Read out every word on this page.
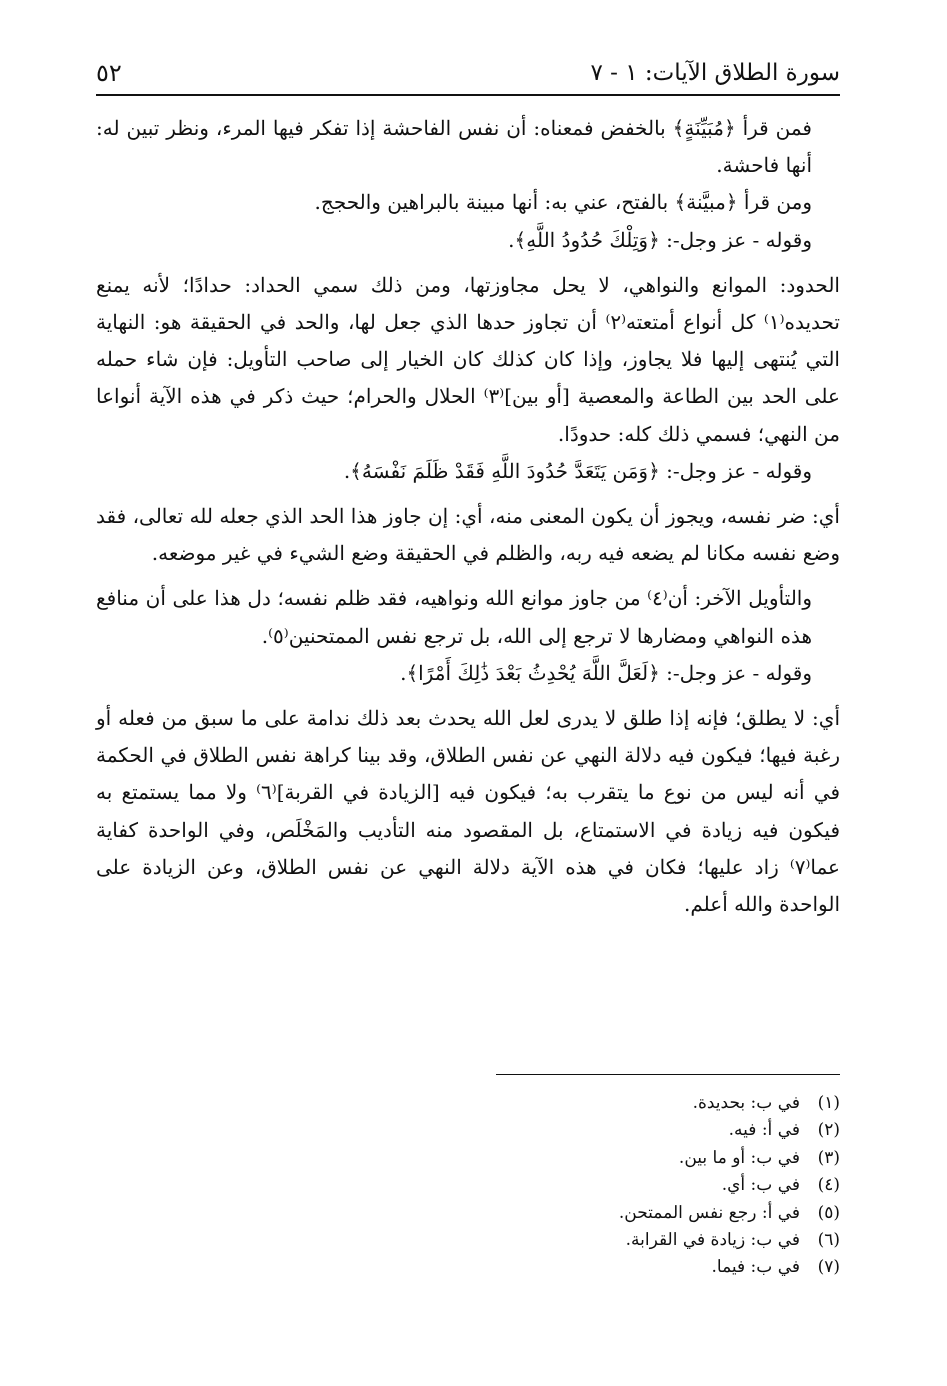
سورة الطلاق الآيات: ١ - ٧
٥٢

فمن قرأ ﴿مُبَيِّنَةٍ﴾ بالخفض فمعناه: أن نفس الفاحشة إذا تفكر فيها المرء، ونظر تبين له: أنها فاحشة.

ومن قرأ ﴿مبيَّنة﴾ بالفتح، عني به: أنها مبينة بالبراهين والحجج.

وقوله - عز وجل-: ﴿وَتِلْكَ حُدُودُ اللَّهِ﴾.

الحدود: الموانع والنواهي، لا يحل مجاوزتها، ومن ذلك سمي الحداد: حدادًا؛ لأنه يمنع تحديده⁽١⁾ كل أنواع أمتعته⁽٢⁾ أن تجاوز حدها الذي جعل لها، والحد في الحقيقة هو: النهاية التي يُنتهى إليها فلا يجاوز، وإذا كان كذلك كان الخيار إلى صاحب التأويل: فإن شاء حمله على الحد بين الطاعة والمعصية [أو بين]⁽٣⁾ الحلال والحرام؛ حيث ذكر في هذه الآية أنواعا من النهي؛ فسمي ذلك كله: حدودًا.

وقوله - عز وجل-: ﴿وَمَن يَتَعَدَّ حُدُودَ اللَّهِ فَقَدْ ظَلَمَ نَفْسَهُ﴾.

أي: ضر نفسه، ويجوز أن يكون المعنى منه، أي: إن جاوز هذا الحد الذي جعله لله تعالى، فقد وضع نفسه مكانا لم يضعه فيه ربه، والظلم في الحقيقة وضع الشيء في غير موضعه.

والتأويل الآخر: أن⁽٤⁾ من جاوز موانع الله ونواهيه، فقد ظلم نفسه؛ دل هذا على أن منافع هذه النواهي ومضارها لا ترجع إلى الله، بل ترجع نفس الممتحنين⁽٥⁾.

وقوله - عز وجل-: ﴿لَعَلَّ اللَّهَ يُحْدِثُ بَعْدَ ذَٰلِكَ أَمْرًا﴾.

أي: لا يطلق؛ فإنه إذا طلق لا يدرى لعل الله يحدث بعد ذلك ندامة على ما سبق من فعله أو رغبة فيها؛ فيكون فيه دلالة النهي عن نفس الطلاق، وقد بينا كراهة نفس الطلاق في الحكمة في أنه ليس من نوع ما يتقرب به؛ فيكون فيه [الزيادة في القربة]⁽٦⁾ ولا مما يستمتع به فيكون فيه زيادة في الاستمتاع، بل المقصود منه التأديب والمَخْلَص، وفي الواحدة كفاية عما⁽٧⁾ زاد عليها؛ فكان في هذه الآية دلالة النهي عن نفس الطلاق، وعن الزيادة على الواحدة والله أعلم.

(١)في ب: بحديدة.
(٢)في أ: فيه.
(٣)في ب: أو ما بين.
(٤)في ب: أي.
(٥)في أ: رجع نفس الممتحن.
(٦)في ب: زيادة في القرابة.
(٧)في ب: فيما.
